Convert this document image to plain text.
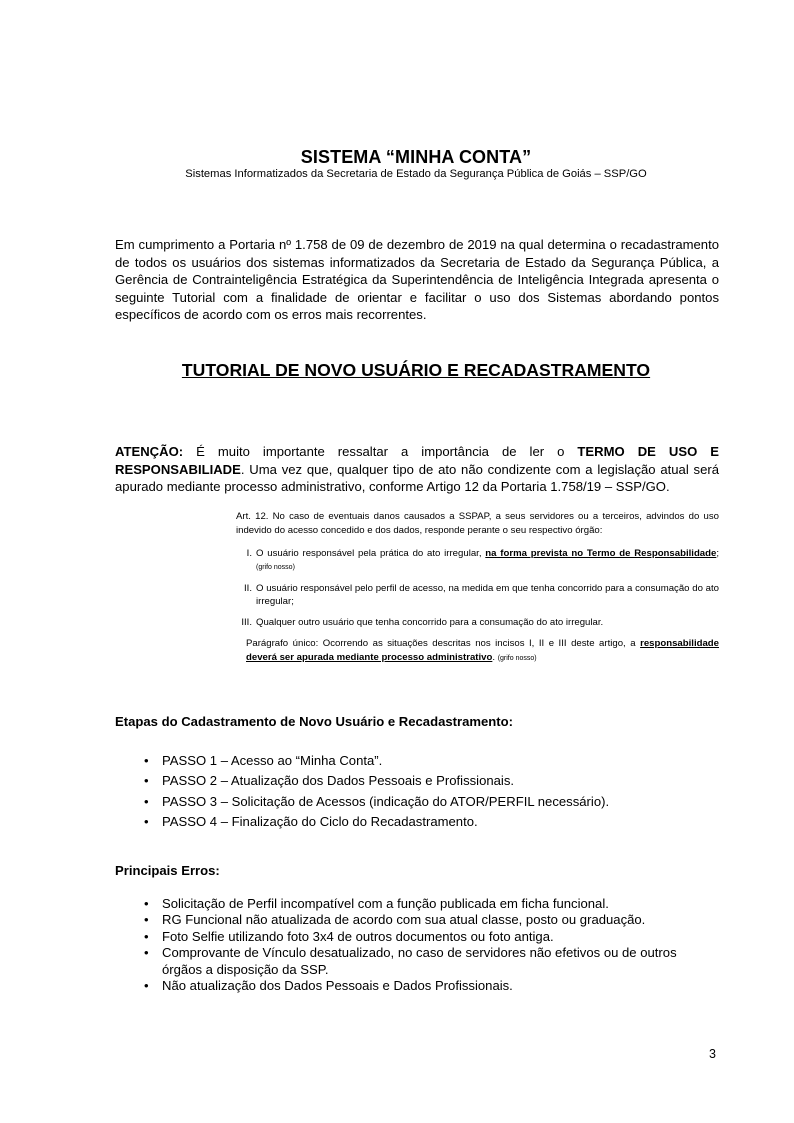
SISTEMA “MINHA CONTA”
Sistemas Informatizados da Secretaria de Estado da Segurança Pública de Goiás – SSP/GO

Em cumprimento a Portaria nº 1.758 de 09 de dezembro de 2019 na qual determina o recadastramento de todos os usuários dos sistemas informatizados da Secretaria de Estado da Segurança Pública, a Gerência de Contrainteligência Estratégica da Superintendência de Inteligência Integrada apresenta o seguinte Tutorial com a finalidade de orientar e facilitar o uso dos Sistemas abordando pontos específicos de acordo com os erros mais recorrentes.

TUTORIAL DE NOVO USUÁRIO E RECADASTRAMENTO

ATENÇÃO: É muito importante ressaltar a importância de ler o TERMO DE USO E RESPONSABILIADE. Uma vez que, qualquer tipo de ato não condizente com a legislação atual será apurado mediante processo administrativo, conforme Artigo 12 da Portaria 1.758/19 – SSP/GO.

Art. 12. No caso de eventuais danos causados a SSPAP, a seus servidores ou a terceiros, advindos do uso indevido do acesso concedido e dos dados, responde perante o seu respectivo órgão:
I. O usuário responsável pela prática do ato irregular, na forma prevista no Termo de Responsabilidade; (grifo nosso)
II. O usuário responsável pelo perfil de acesso, na medida em que tenha concorrido para a consumação do ato irregular;
III. Qualquer outro usuário que tenha concorrido para a consumação do ato irregular.
Parágrafo único: Ocorrendo as situações descritas nos incisos I, II e III deste artigo, a responsabilidade deverá ser apurada mediante processo administrativo. (grifo nosso)
Etapas do Cadastramento de Novo Usuário e Recadastramento:
• PASSO 1 – Acesso ao “Minha Conta”.
• PASSO 2 – Atualização dos Dados Pessoais e Profissionais.
• PASSO 3 – Solicitação de Acessos (indicação do ATOR/PERFIL necessário).
• PASSO 4 – Finalização do Ciclo do Recadastramento.
Principais Erros:
• Solicitação de Perfil incompatível com a função publicada em ficha funcional.
• RG Funcional não atualizada de acordo com sua atual classe, posto ou graduação.
• Foto Selfie utilizando foto 3x4 de outros documentos ou foto antiga.
• Comprovante de Vínculo desatualizado, no caso de servidores não efetivos ou de outros órgãos a disposição da SSP.
• Não atualização dos Dados Pessoais e Dados Profissionais.
3
